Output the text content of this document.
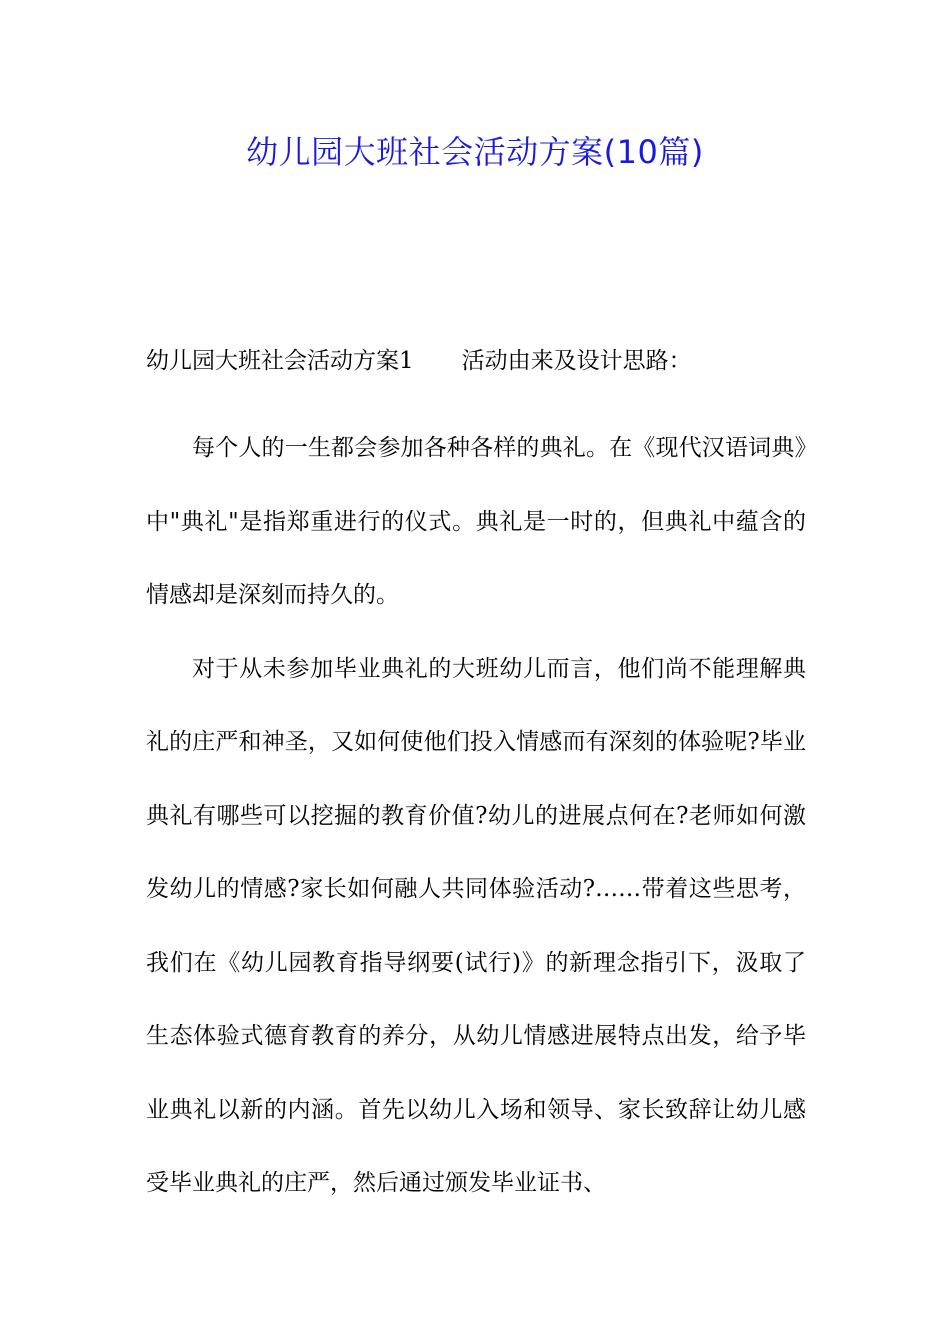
幼儿园大班社会活动方案(10篇)
幼儿园大班社会活动方案1 活动由来及设计思路：

每个人的一生都会参加各种各样的典礼。在《现代汉语词典》中"典礼"是指郑重进行的仪式。典礼是一时的，但典礼中蕴含的情感却是深刻而持久的。

对于从未参加毕业典礼的大班幼儿而言，他们尚不能理解典礼的庄严和神圣，又如何使他们投入情感而有深刻的体验呢?毕业典礼有哪些可以挖掘的教育价值?幼儿的进展点何在?老师如何激发幼儿的情感?家长如何融人共同体验活动?……带着这些思考，我们在《幼儿园教育指导纲要(试行)》的新理念指引下，汲取了生态体验式德育教育的养分，从幼儿情感进展特点出发，给予毕业典礼以新的内涵。首先以幼儿入场和领导、家长致辞让幼儿感受毕业典礼的庄严，然后通过颁发毕业证书、
